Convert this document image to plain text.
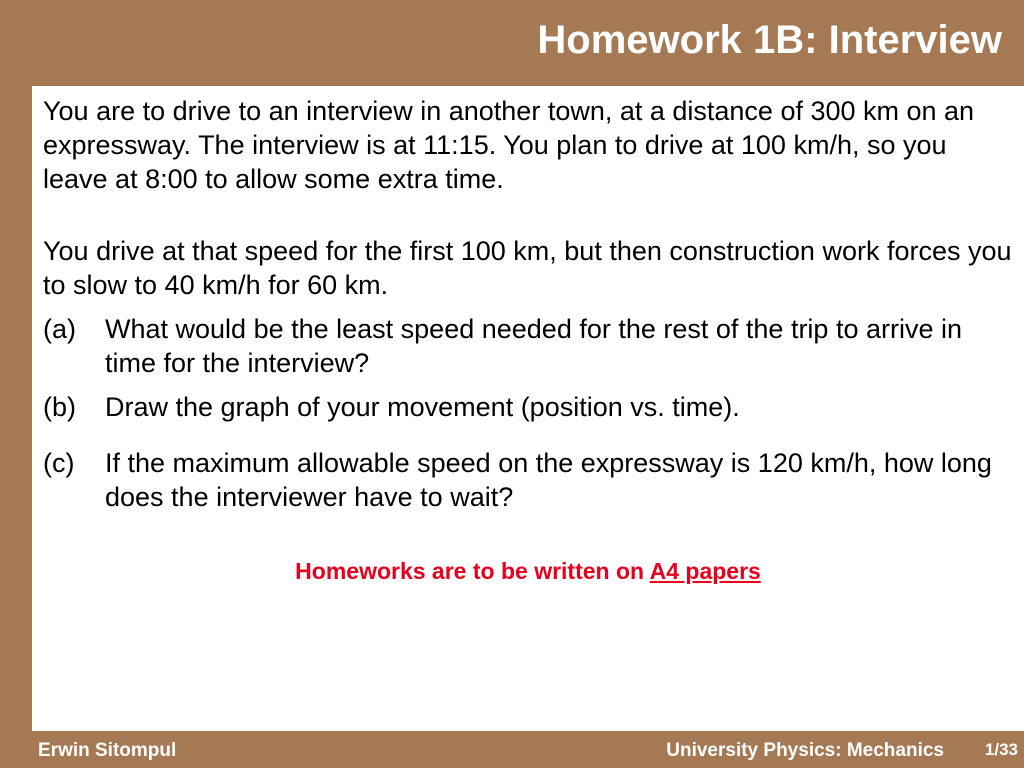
Homework 1B: Interview

You are to drive to an interview in another town, at a distance of 300 km on an expressway. The interview is at 11:15. You plan to drive at 100 km/h, so you leave at 8:00 to allow some extra time.

You drive at that speed for the first 100 km, but then construction work forces you to slow to 40 km/h for 60 km.

(a) What would be the least speed needed for the rest of the trip to arrive in time for the interview?
(b) Draw the graph of your movement (position vs. time).
(c) If the maximum allowable speed on the expressway is 120 km/h, how long does the interviewer have to wait?
Homeworks are to be written on A4 papers
Erwin Sitompul	University Physics: Mechanics 1/33
